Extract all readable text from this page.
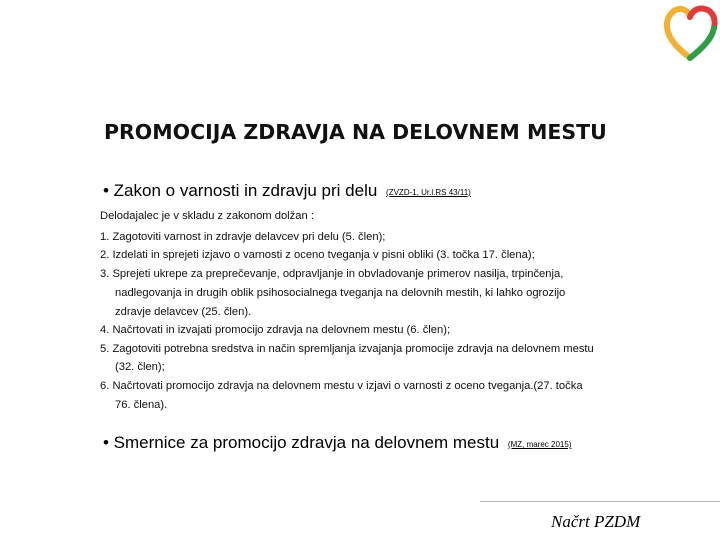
PROMOCIJA ZDRAVJA NA DELOVNEM MESTU
• Zakon o varnosti in zdravju pri delu (ZVZD-1, Ur.l.RS 43/11)
Delodajalec je v skladu z zakonom dolžan :
1. Zagotoviti varnost in zdravje delavcev pri delu (5. člen);
2. Izdelati in sprejeti izjavo o varnosti z oceno tveganja v pisni obliki (3. točka 17. člena);
3. Sprejeti ukrepe za preprečevanje, odpravljanje in obvladovanje primerov nasilja, trpinčenja,
nadlegovanja in drugih oblik psihosocialnega tveganja na delovnih mestih, ki lahko ogrozijo
zdravje delavcev (25. člen).
4. Načrtovati in izvajati promocijo zdravja na delovnem mestu (6. člen);
5. Zagotoviti potrebna sredstva in način spremljanja izvajanja promocije zdravja na delovnem mestu
(32. člen);
6. Načrtovati promocijo zdravja na delovnem mestu v izjavi o varnosti z oceno tveganja.(27. točka
76. člena).
• Smernice za promocijo zdravja na delovnem mestu (MZ, marec 2015)
Načrt PZDM
